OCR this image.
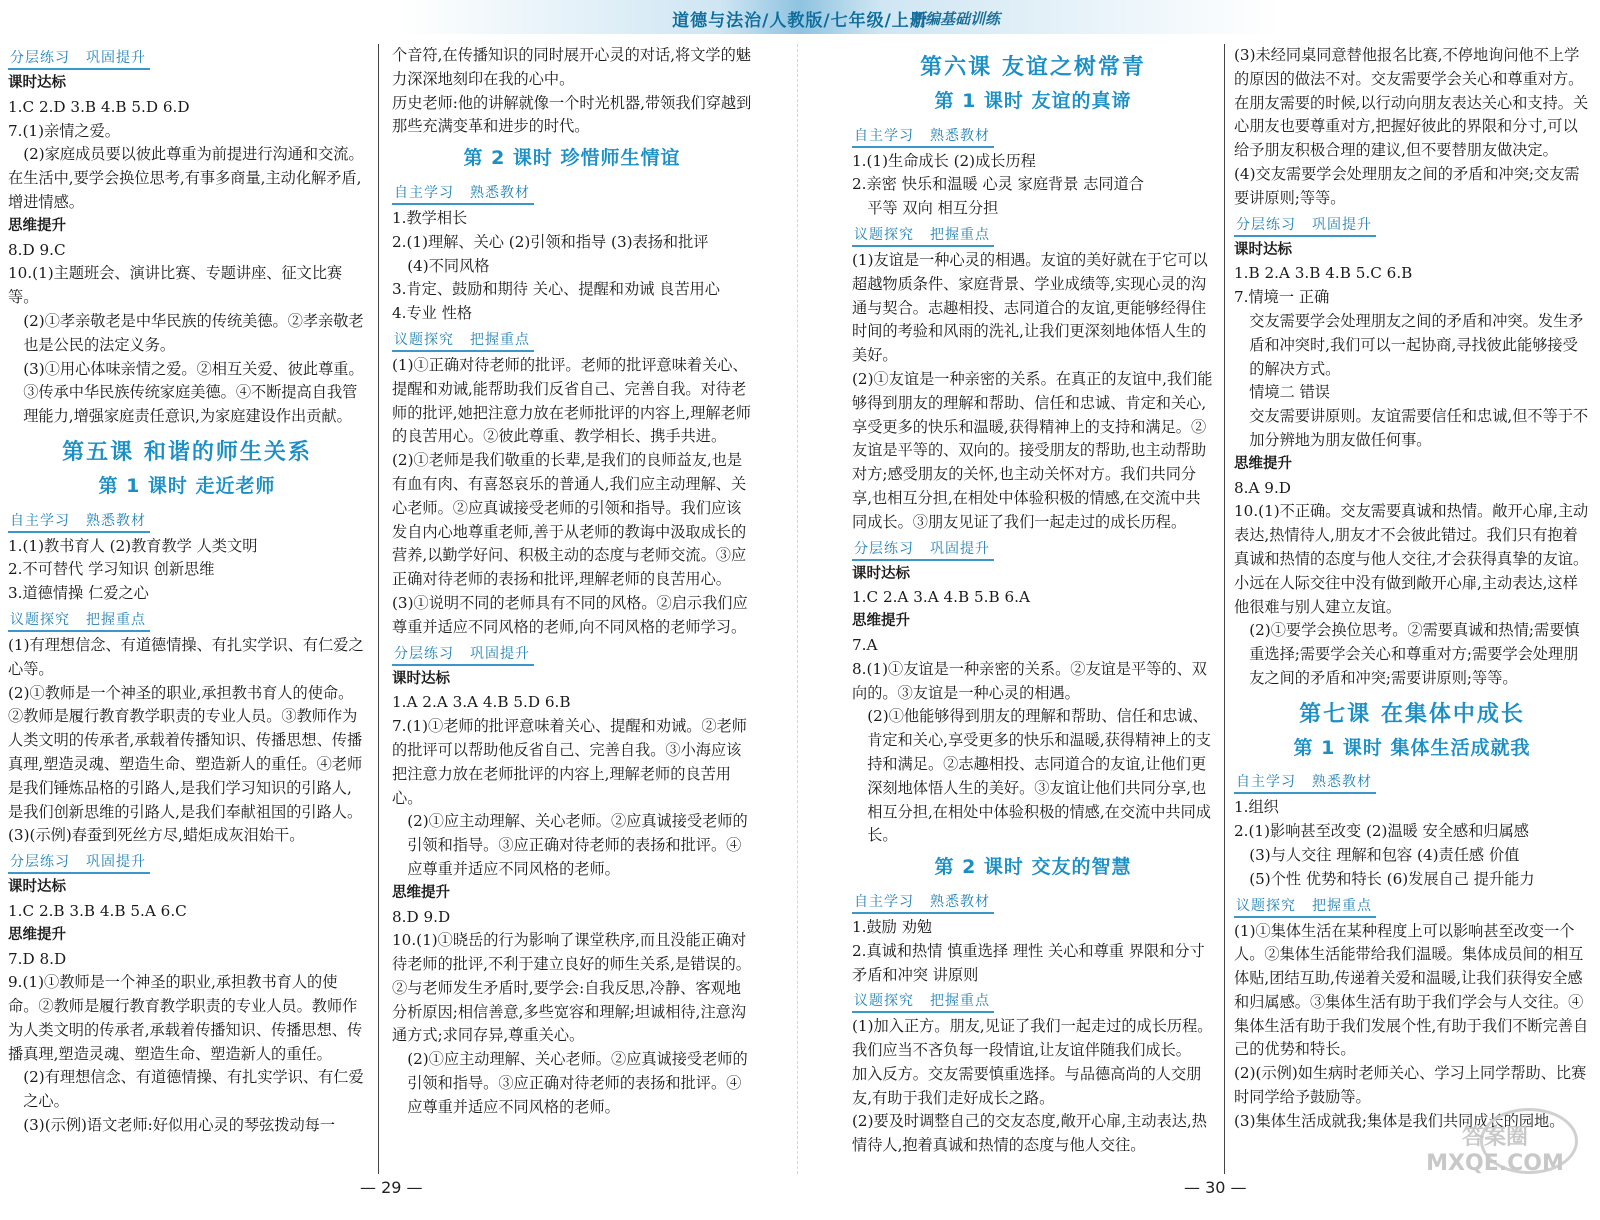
道德与法治/人教版/七年级/上册
新编基础训练
分层练习 巩固提升
课时达标
1.C 2.D 3.B 4.B 5.D 6.D
7.(1)亲情之爱。
(2)家庭成员要以彼此尊重为前提进行沟通和交流。在生活中,要学会换位思考,有事多商量,主动化解矛盾,增进情感。
思维提升
8.D 9.C
10.(1)主题班会、演讲比赛、专题讲座、征文比赛等。
(2)①孝亲敬老是中华民族的传统美德。②孝亲敬老也是公民的法定义务。
(3)①用心体味亲情之爱。②相互关爱、彼此尊重。③传承中华民族传统家庭美德。④不断提高自我管理能力,增强家庭责任意识,为家庭建设作出贡献。
第五课 和谐的师生关系
第 1 课时 走近老师
自主学习 熟悉教材
1.(1)教书育人 (2)教育教学 人类文明
2.不可替代 学习知识 创新思维
3.道德情操 仁爱之心
议题探究 把握重点
(1)有理想信念、有道德情操、有扎实学识、有仁爱之心等。
(2)①教师是一个神圣的职业,承担教书育人的使命。②教师是履行教育教学职责的专业人员。③教师作为人类文明的传承者,承载着传播知识、传播思想、传播真理,塑造灵魂、塑造生命、塑造新人的重任。④老师是我们锤炼品格的引路人,是我们学习知识的引路人,是我们创新思维的引路人,是我们奉献祖国的引路人。
(3)(示例)春蚕到死丝方尽,蜡炬成灰泪始干。
分层练习 巩固提升
课时达标
1.C 2.B 3.B 4.B 5.A 6.C
思维提升
7.D 8.D
9.(1)①教师是一个神圣的职业,承担教书育人的使命。②教师是履行教育教学职责的专业人员。教师作为人类文明的传承者,承载着传播知识、传播思想、传播真理,塑造灵魂、塑造生命、塑造新人的重任。
(2)有理想信念、有道德情操、有扎实学识、有仁爱之心。
(3)(示例)语文老师:好似用心灵的琴弦拨动每一
个音符,在传播知识的同时展开心灵的对话,将文学的魅力深深地刻印在我的心中。
历史老师:他的讲解就像一个时光机器,带领我们穿越到那些充满变革和进步的时代。
第 2 课时 珍惜师生情谊
自主学习 熟悉教材
1.教学相长
2.(1)理解、关心 (2)引领和指导 (3)表扬和批评
(4)不同风格
3.肯定、鼓励和期待 关心、提醒和劝诫 良苦用心
4.专业 性格
议题探究 把握重点
(1)①正确对待老师的批评。老师的批评意味着关心、提醒和劝诫,能帮助我们反省自己、完善自我。对待老师的批评,她把注意力放在老师批评的内容上,理解老师的良苦用心。②彼此尊重、教学相长、携手共进。
(2)①老师是我们敬重的长辈,是我们的良师益友,也是有血有肉、有喜怒哀乐的普通人,我们应主动理解、关心老师。②应真诚接受老师的引领和指导。我们应该发自内心地尊重老师,善于从老师的教诲中汲取成长的营养,以勤学好问、积极主动的态度与老师交流。③应正确对待老师的表扬和批评,理解老师的良苦用心。
(3)①说明不同的老师具有不同的风格。②启示我们应尊重并适应不同风格的老师,向不同风格的老师学习。
分层练习 巩固提升
课时达标
1.A 2.A 3.A 4.B 5.D 6.B
7.(1)①老师的批评意味着关心、提醒和劝诫。②老师的批评可以帮助他反省自己、完善自我。③小海应该把注意力放在老师批评的内容上,理解老师的良苦用心。
(2)①应主动理解、关心老师。②应真诚接受老师的引领和指导。③应正确对待老师的表扬和批评。④应尊重并适应不同风格的老师。
思维提升
8.D 9.D
10.(1)①晓岳的行为影响了课堂秩序,而且没能正确对待老师的批评,不利于建立良好的师生关系,是错误的。②与老师发生矛盾时,要学会:自我反思,冷静、客观地分析原因;相信善意,多些宽容和理解;坦诚相待,注意沟通方式;求同存异,尊重关心。
(2)①应主动理解、关心老师。②应真诚接受老师的引领和指导。③应正确对待老师的表扬和批评。④应尊重并适应不同风格的老师。
第六课 友谊之树常青
第 1 课时 友谊的真谛
自主学习 熟悉教材
1.(1)生命成长 (2)成长历程
2.亲密 快乐和温暖 心灵 家庭背景 志同道合
平等 双向 相互分担
议题探究 把握重点
(1)友谊是一种心灵的相遇。友谊的美好就在于它可以超越物质条件、家庭背景、学业成绩等,实现心灵的沟通与契合。志趣相投、志同道合的友谊,更能够经得住时间的考验和风雨的洗礼,让我们更深刻地体悟人生的美好。
(2)①友谊是一种亲密的关系。在真正的友谊中,我们能够得到朋友的理解和帮助、信任和忠诚、肯定和关心,享受更多的快乐和温暖,获得精神上的支持和满足。②友谊是平等的、双向的。接受朋友的帮助,也主动帮助对方;感受朋友的关怀,也主动关怀对方。我们共同分享,也相互分担,在相处中体验积极的情感,在交流中共同成长。③朋友见证了我们一起走过的成长历程。
分层练习 巩固提升
课时达标
1.C 2.A 3.A 4.B 5.B 6.A
思维提升
7.A
8.(1)①友谊是一种亲密的关系。②友谊是平等的、双向的。③友谊是一种心灵的相遇。
(2)①他能够得到朋友的理解和帮助、信任和忠诚、肯定和关心,享受更多的快乐和温暖,获得精神上的支持和满足。②志趣相投、志同道合的友谊,让他们更深刻地体悟人生的美好。③友谊让他们共同分享,也相互分担,在相处中体验积极的情感,在交流中共同成长。
第 2 课时 交友的智慧
自主学习 熟悉教材
1.鼓励 劝勉
2.真诚和热情 慎重选择 理性 关心和尊重 界限和分寸 矛盾和冲突 讲原则
议题探究 把握重点
(1)加入正方。朋友,见证了我们一起走过的成长历程。我们应当不吝负每一段情谊,让友谊伴随我们成长。
加入反方。交友需要慎重选择。与品德高尚的人交朋友,有助于我们走好成长之路。
(2)要及时调整自己的交友态度,敞开心扉,主动表达,热情待人,抱着真诚和热情的态度与他人交往。
(3)未经同桌同意替他报名比赛,不停地询问他不上学的原因的做法不对。交友需要学会关心和尊重对方。在朋友需要的时候,以行动向朋友表达关心和支持。关心朋友也要尊重对方,把握好彼此的界限和分寸,可以给予朋友积极合理的建议,但不要替朋友做决定。
(4)交友需要学会处理朋友之间的矛盾和冲突;交友需要讲原则;等等。
分层练习 巩固提升
课时达标
1.B 2.A 3.B 4.B 5.C 6.B
7.情境一 正确
交友需要学会处理朋友之间的矛盾和冲突。发生矛盾和冲突时,我们可以一起协商,寻找彼此能够接受的解决方式。
情境二 错误
交友需要讲原则。友谊需要信任和忠诚,但不等于不加分辨地为朋友做任何事。
思维提升
8.A 9.D
10.(1)不正确。交友需要真诚和热情。敞开心扉,主动表达,热情待人,朋友才不会彼此错过。我们只有抱着真诚和热情的态度与他人交往,才会获得真挚的友谊。小远在人际交往中没有做到敞开心扉,主动表达,这样他很难与别人建立友谊。
(2)①要学会换位思考。②需要真诚和热情;需要慎重选择;需要学会关心和尊重对方;需要学会处理朋友之间的矛盾和冲突;需要讲原则;等等。
第七课 在集体中成长
第 1 课时 集体生活成就我
自主学习 熟悉教材
1.组织
2.(1)影响甚至改变 (2)温暖 安全感和归属感
(3)与人交往 理解和包容 (4)责任感 价值
(5)个性 优势和特长 (6)发展自己 提升能力
议题探究 把握重点
(1)①集体生活在某种程度上可以影响甚至改变一个人。②集体生活能带给我们温暖。集体成员间的相互体贴,团结互助,传递着关爱和温暖,让我们获得安全感和归属感。③集体生活有助于我们学会与人交往。④集体生活有助于我们发展个性,有助于我们不断完善自己的优势和特长。
(2)(示例)如生病时老师关心、学习上同学帮助、比赛时同学给予鼓励等。
(3)集体生活成就我;集体是我们共同成长的园地。
— 29 —	— 30 —
答案圈 MXQE.COM
